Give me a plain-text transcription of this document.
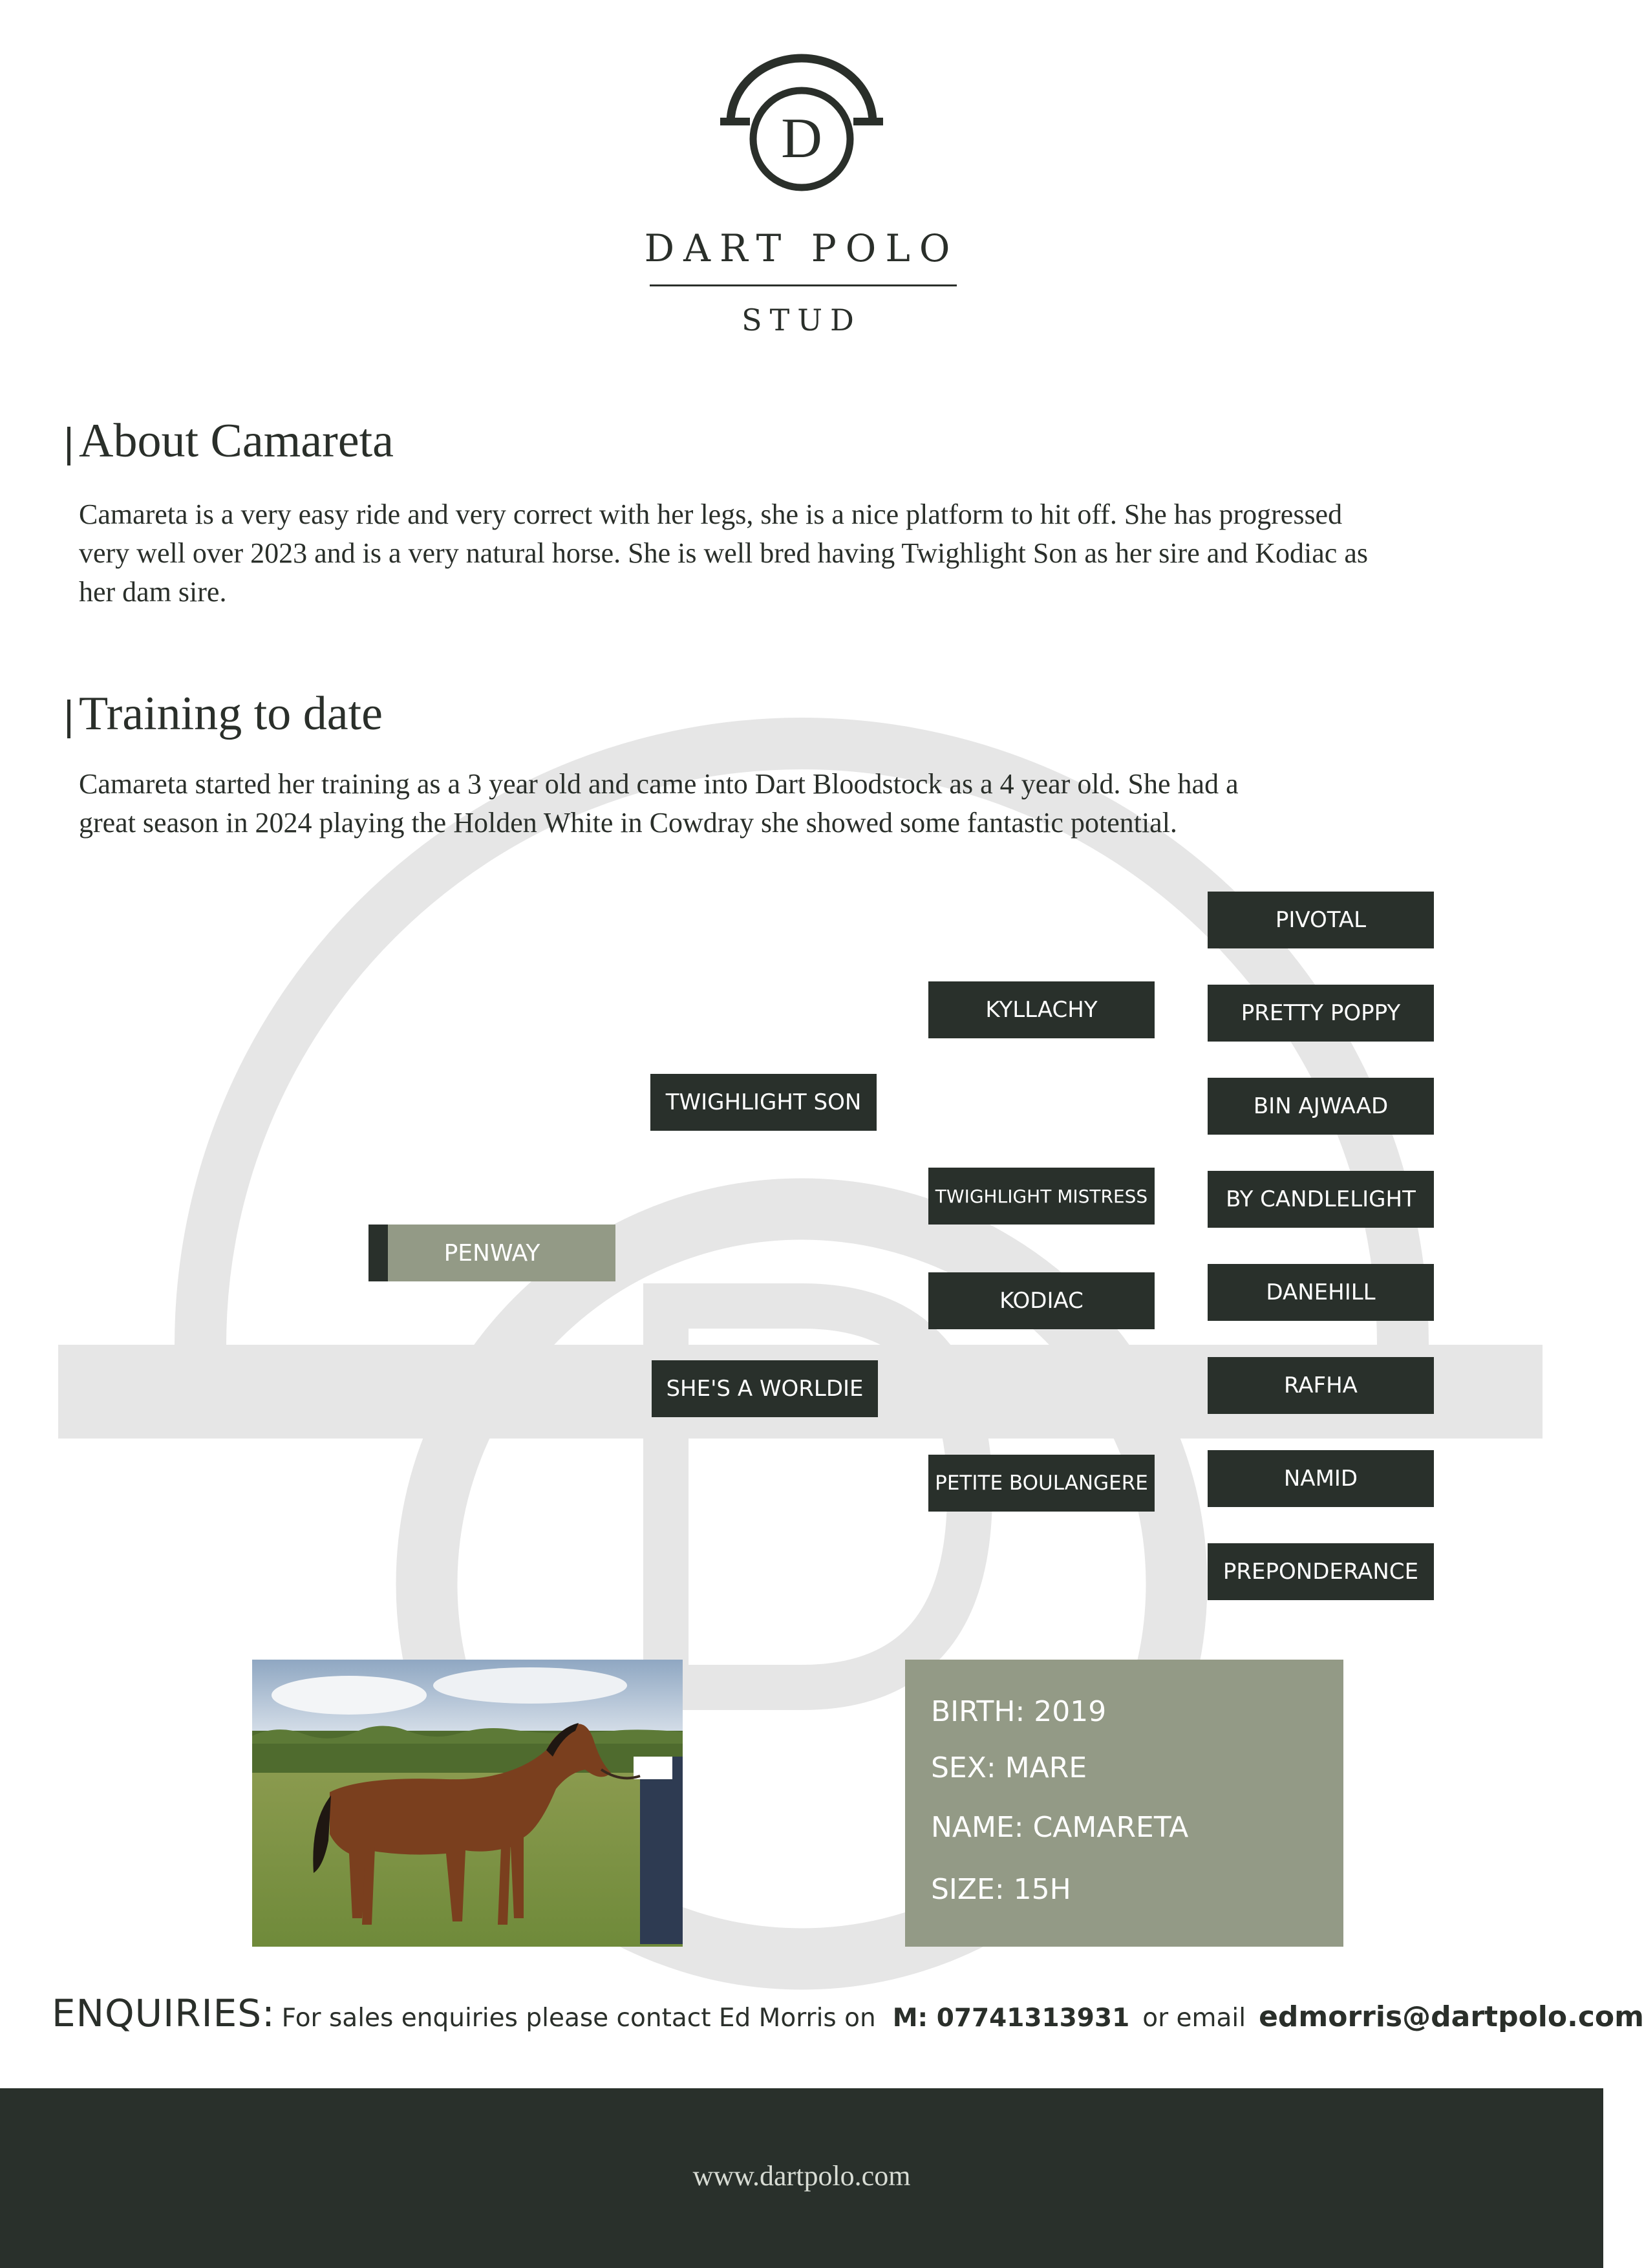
D
DART POLO
STUD
About Camareta
Camareta is a very easy ride and very correct with her legs, she is a nice platform to hit off. She has progressed
very well over 2023 and is a very natural horse. She is well bred having Twighlight Son as her sire and Kodiac as
her dam sire.
Training to date
Camareta started her training as a 3 year old and came into Dart Bloodstock as a 4 year old. She had a
great season in 2024 playing the Holden White in Cowdray she showed some fantastic potential.
PENWAY
TWIGHLIGHT SON
SHE'S A WORLDIE
KYLLACHY
TWIGHLIGHT MISTRESS
KODIAC
PETITE BOULANGERE
PIVOTAL
PRETTY POPPY
BIN AJWAAD
BY CANDLELIGHT
DANEHILL
RAFHA
NAMID
PREPONDERANCE
BIRTH: 2019
SEX: MARE
NAME: CAMARETA
SIZE: 15H
ENQUIRIES: For sales enquiries please contact Ed Morris on M: 07741313931 or email edmorris@dartpolo.com
www.dartpolo.com
